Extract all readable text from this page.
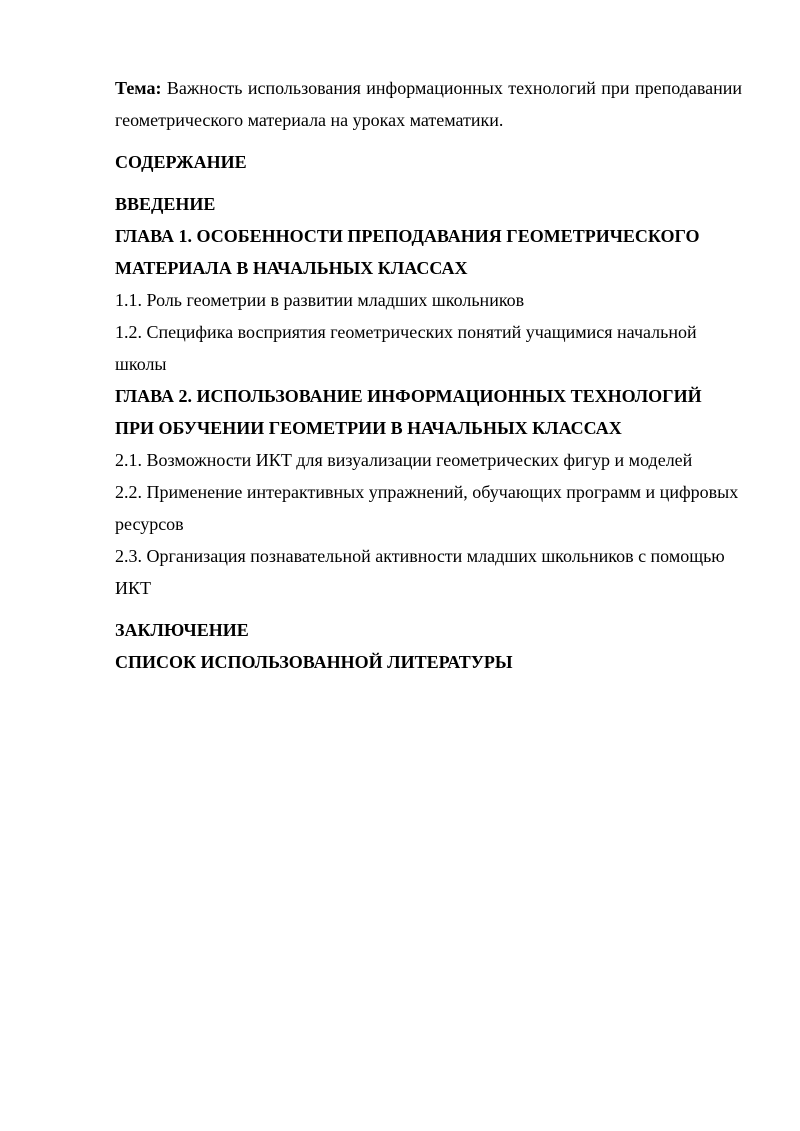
Тема: Важность использования информационных технологий при преподавании геометрического материала на уроках математики.

СОДЕРЖАНИЕ

ВВЕДЕНИЕ

ГЛАВА 1. ОСОБЕННОСТИ ПРЕПОДАВАНИЯ ГЕОМЕТРИЧЕСКОГО МАТЕРИАЛА В НАЧАЛЬНЫХ КЛАССАХ

1.1. Роль геометрии в развитии младших школьников

1.2. Специфика восприятия геометрических понятий учащимися начальной школы

ГЛАВА 2. ИСПОЛЬЗОВАНИЕ ИНФОРМАЦИОННЫХ ТЕХНОЛОГИЙ ПРИ ОБУЧЕНИИ ГЕОМЕТРИИ В НАЧАЛЬНЫХ КЛАССАХ

2.1. Возможности ИКТ для визуализации геометрических фигур и моделей

2.2. Применение интерактивных упражнений, обучающих программ и цифровых ресурсов

2.3. Организация познавательной активности младших школьников с помощью ИКТ

ЗАКЛЮЧЕНИЕ

СПИСОК ИСПОЛЬЗОВАННОЙ ЛИТЕРАТУРЫ
